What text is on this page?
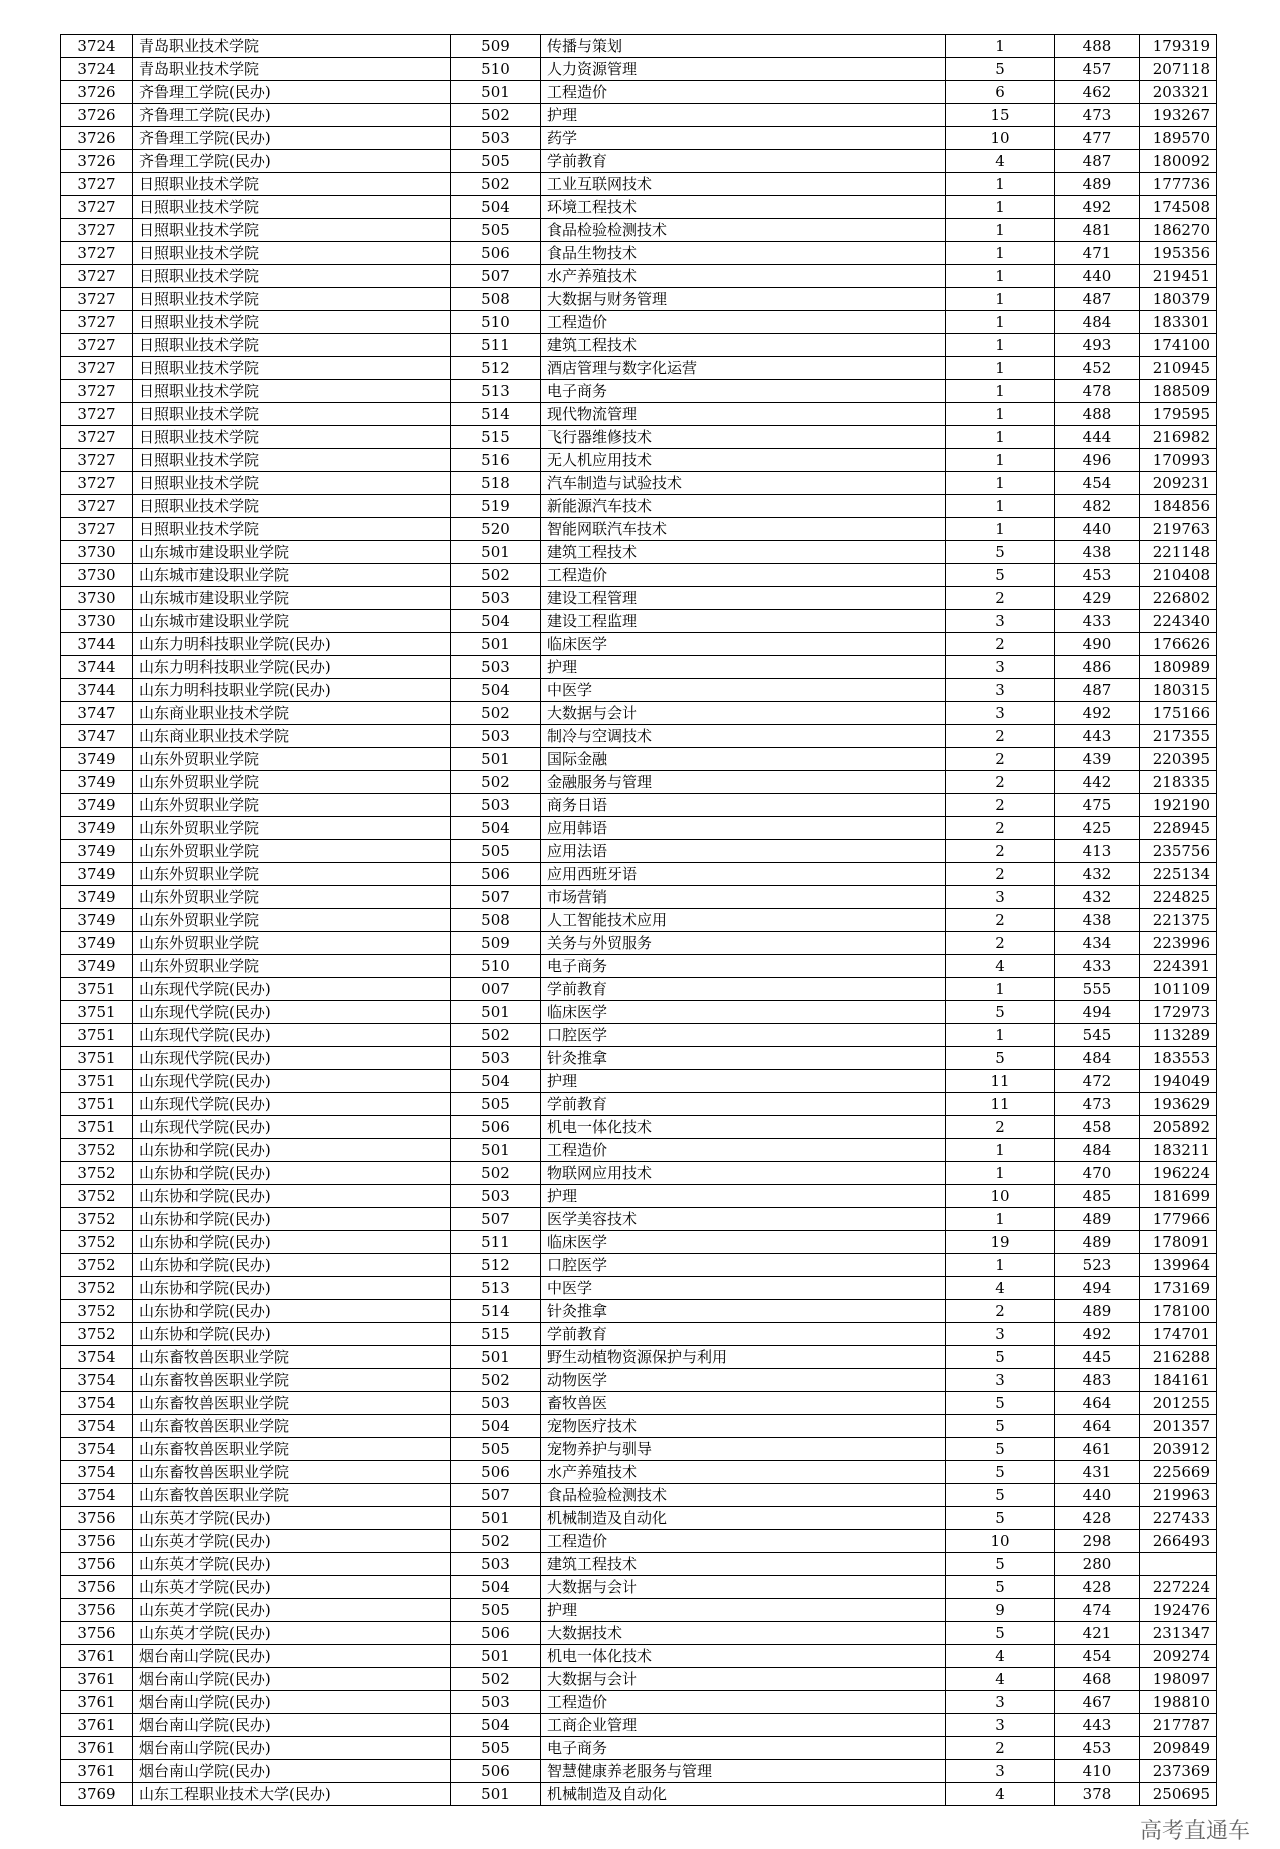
3724	青岛职业技术学院	509	传播与策划	1	488	179319
3724	青岛职业技术学院	510	人力资源管理	5	457	207118
3726	齐鲁理工学院(民办)	501	工程造价	6	462	203321
3726	齐鲁理工学院(民办)	502	护理	15	473	193267
3726	齐鲁理工学院(民办)	503	药学	10	477	189570
3726	齐鲁理工学院(民办)	505	学前教育	4	487	180092
3727	日照职业技术学院	502	工业互联网技术	1	489	177736
3727	日照职业技术学院	504	环境工程技术	1	492	174508
3727	日照职业技术学院	505	食品检验检测技术	1	481	186270
3727	日照职业技术学院	506	食品生物技术	1	471	195356
3727	日照职业技术学院	507	水产养殖技术	1	440	219451
3727	日照职业技术学院	508	大数据与财务管理	1	487	180379
3727	日照职业技术学院	510	工程造价	1	484	183301
3727	日照职业技术学院	511	建筑工程技术	1	493	174100
3727	日照职业技术学院	512	酒店管理与数字化运营	1	452	210945
3727	日照职业技术学院	513	电子商务	1	478	188509
3727	日照职业技术学院	514	现代物流管理	1	488	179595
3727	日照职业技术学院	515	飞行器维修技术	1	444	216982
3727	日照职业技术学院	516	无人机应用技术	1	496	170993
3727	日照职业技术学院	518	汽车制造与试验技术	1	454	209231
3727	日照职业技术学院	519	新能源汽车技术	1	482	184856
3727	日照职业技术学院	520	智能网联汽车技术	1	440	219763
3730	山东城市建设职业学院	501	建筑工程技术	5	438	221148
3730	山东城市建设职业学院	502	工程造价	5	453	210408
3730	山东城市建设职业学院	503	建设工程管理	2	429	226802
3730	山东城市建设职业学院	504	建设工程监理	3	433	224340
3744	山东力明科技职业学院(民办)	501	临床医学	2	490	176626
3744	山东力明科技职业学院(民办)	503	护理	3	486	180989
3744	山东力明科技职业学院(民办)	504	中医学	3	487	180315
3747	山东商业职业技术学院	502	大数据与会计	3	492	175166
3747	山东商业职业技术学院	503	制冷与空调技术	2	443	217355
3749	山东外贸职业学院	501	国际金融	2	439	220395
3749	山东外贸职业学院	502	金融服务与管理	2	442	218335
3749	山东外贸职业学院	503	商务日语	2	475	192190
3749	山东外贸职业学院	504	应用韩语	2	425	228945
3749	山东外贸职业学院	505	应用法语	2	413	235756
3749	山东外贸职业学院	506	应用西班牙语	2	432	225134
3749	山东外贸职业学院	507	市场营销	3	432	224825
3749	山东外贸职业学院	508	人工智能技术应用	2	438	221375
3749	山东外贸职业学院	509	关务与外贸服务	2	434	223996
3749	山东外贸职业学院	510	电子商务	4	433	224391
3751	山东现代学院(民办)	007	学前教育	1	555	101109
3751	山东现代学院(民办)	501	临床医学	5	494	172973
3751	山东现代学院(民办)	502	口腔医学	1	545	113289
3751	山东现代学院(民办)	503	针灸推拿	5	484	183553
3751	山东现代学院(民办)	504	护理	11	472	194049
3751	山东现代学院(民办)	505	学前教育	11	473	193629
3751	山东现代学院(民办)	506	机电一体化技术	2	458	205892
3752	山东协和学院(民办)	501	工程造价	1	484	183211
3752	山东协和学院(民办)	502	物联网应用技术	1	470	196224
3752	山东协和学院(民办)	503	护理	10	485	181699
3752	山东协和学院(民办)	507	医学美容技术	1	489	177966
3752	山东协和学院(民办)	511	临床医学	19	489	178091
3752	山东协和学院(民办)	512	口腔医学	1	523	139964
3752	山东协和学院(民办)	513	中医学	4	494	173169
3752	山东协和学院(民办)	514	针灸推拿	2	489	178100
3752	山东协和学院(民办)	515	学前教育	3	492	174701
3754	山东畜牧兽医职业学院	501	野生动植物资源保护与利用	5	445	216288
3754	山东畜牧兽医职业学院	502	动物医学	3	483	184161
3754	山东畜牧兽医职业学院	503	畜牧兽医	5	464	201255
3754	山东畜牧兽医职业学院	504	宠物医疗技术	5	464	201357
3754	山东畜牧兽医职业学院	505	宠物养护与驯导	5	461	203912
3754	山东畜牧兽医职业学院	506	水产养殖技术	5	431	225669
3754	山东畜牧兽医职业学院	507	食品检验检测技术	5	440	219963
3756	山东英才学院(民办)	501	机械制造及自动化	5	428	227433
3756	山东英才学院(民办)	502	工程造价	10	298	266493
3756	山东英才学院(民办)	503	建筑工程技术	5	280	
3756	山东英才学院(民办)	504	大数据与会计	5	428	227224
3756	山东英才学院(民办)	505	护理	9	474	192476
3756	山东英才学院(民办)	506	大数据技术	5	421	231347
3761	烟台南山学院(民办)	501	机电一体化技术	4	454	209274
3761	烟台南山学院(民办)	502	大数据与会计	4	468	198097
3761	烟台南山学院(民办)	503	工程造价	3	467	198810
3761	烟台南山学院(民办)	504	工商企业管理	3	443	217787
3761	烟台南山学院(民办)	505	电子商务	2	453	209849
3761	烟台南山学院(民办)	506	智慧健康养老服务与管理	3	410	237369
3769	山东工程职业技术大学(民办)	501	机械制造及自动化	4	378	250695
高考直通车
